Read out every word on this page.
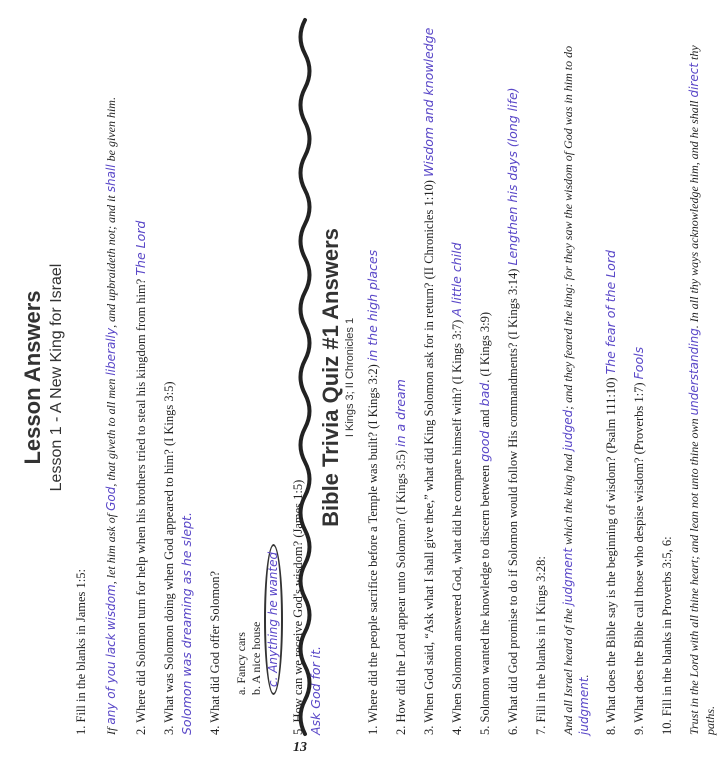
Lesson Answers Lesson 1 - A New King for Israel
1. Fill in the blanks in James 1:5:	If any of you lack wisdom, let him ask of God, that giveth to all men liberally, and upbraideth not; and it shall be given him.
2. Where did Solomon turn for help when his brothers tried to steal his kingdom from him? The Lord
3. What was Solomon doing when God appeared to him? (I Kings 3:5) Solomon was dreaming as he slept. 4. What did God offer Solomon? a. Fancy cars b. A nice house c. Anything he wanted 5. How can we receive God's wisdom? (James 1:5) Ask God for it.
Bible Trivia Quiz #1 Answers I Kings 3; II Chronicles 1 1. Where did the people sacrifice before a Temple was built? (I Kings 3:2) in the high places
2. How did the Lord appear unto Solomon? (I Kings 3:5) in a dream 3. When God said, “Ask what I shall give thee,” what did King Solomon ask for in return? (II Chronicles 1:10) Wisdom and knowledge
4. When Solomon answered God, what did he compare himself with? (I Kings 3:7) A little child
5. Solomon wanted the knowledge to discern between good and bad. (I Kings 3:9) 6. What did God promise to do if Solomon would follow His commandments? (I Kings 3:14) Lengthen his days (long life)
7. Fill in the blanks in I Kings 3:28: And all Israel heard of the judgment which the king had judged; and they feared the king: for they saw the wisdom of God was in him to do judgment. 8. What does the Bible say is the beginning of wisdom? (Psalm 111:10) The fear of the Lord
9. What does the Bible call those who despise wisdom? (Proverbs 1:7) Fools
10. Fill in the blanks in Proverbs 3:5, 6: Trust in the Lord with all thine heart; and lean not unto thine own understanding. In all thy ways acknowledge him, and he shall direct thy paths.
13
